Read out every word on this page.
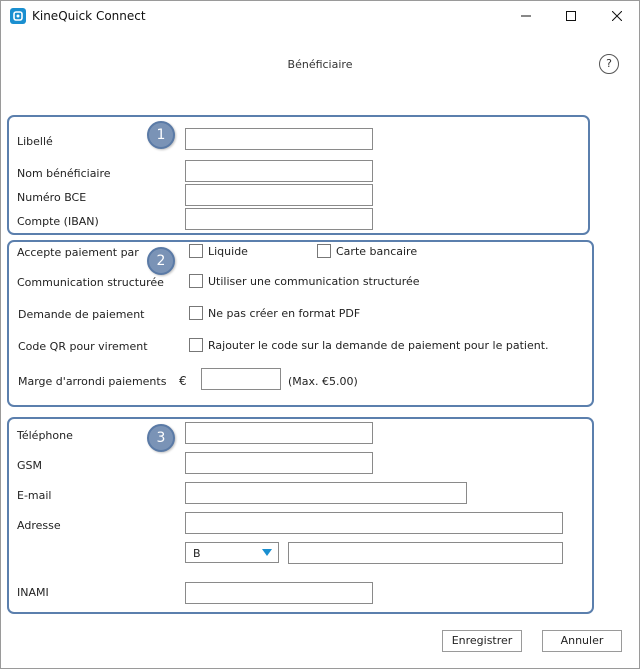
KineQuick Connect
Bénéficiaire	?
1
Libellé
Nom bénéficiaire
Numéro BCE
Compte (IBAN)
2
Accepte paiement par	Liquide	Carte bancaire
Communication structurée	Utiliser une communication structurée
Demande de paiement	Ne pas créer en format PDF
Code QR pour virement	Rajouter le code sur la demande de paiement pour le patient.
Marge d'arrondi paiements €	(Max. €5.00)
3
Téléphone
GSM
E-mail
Adresse
B
INAMI
Enregistrer	Annuler
